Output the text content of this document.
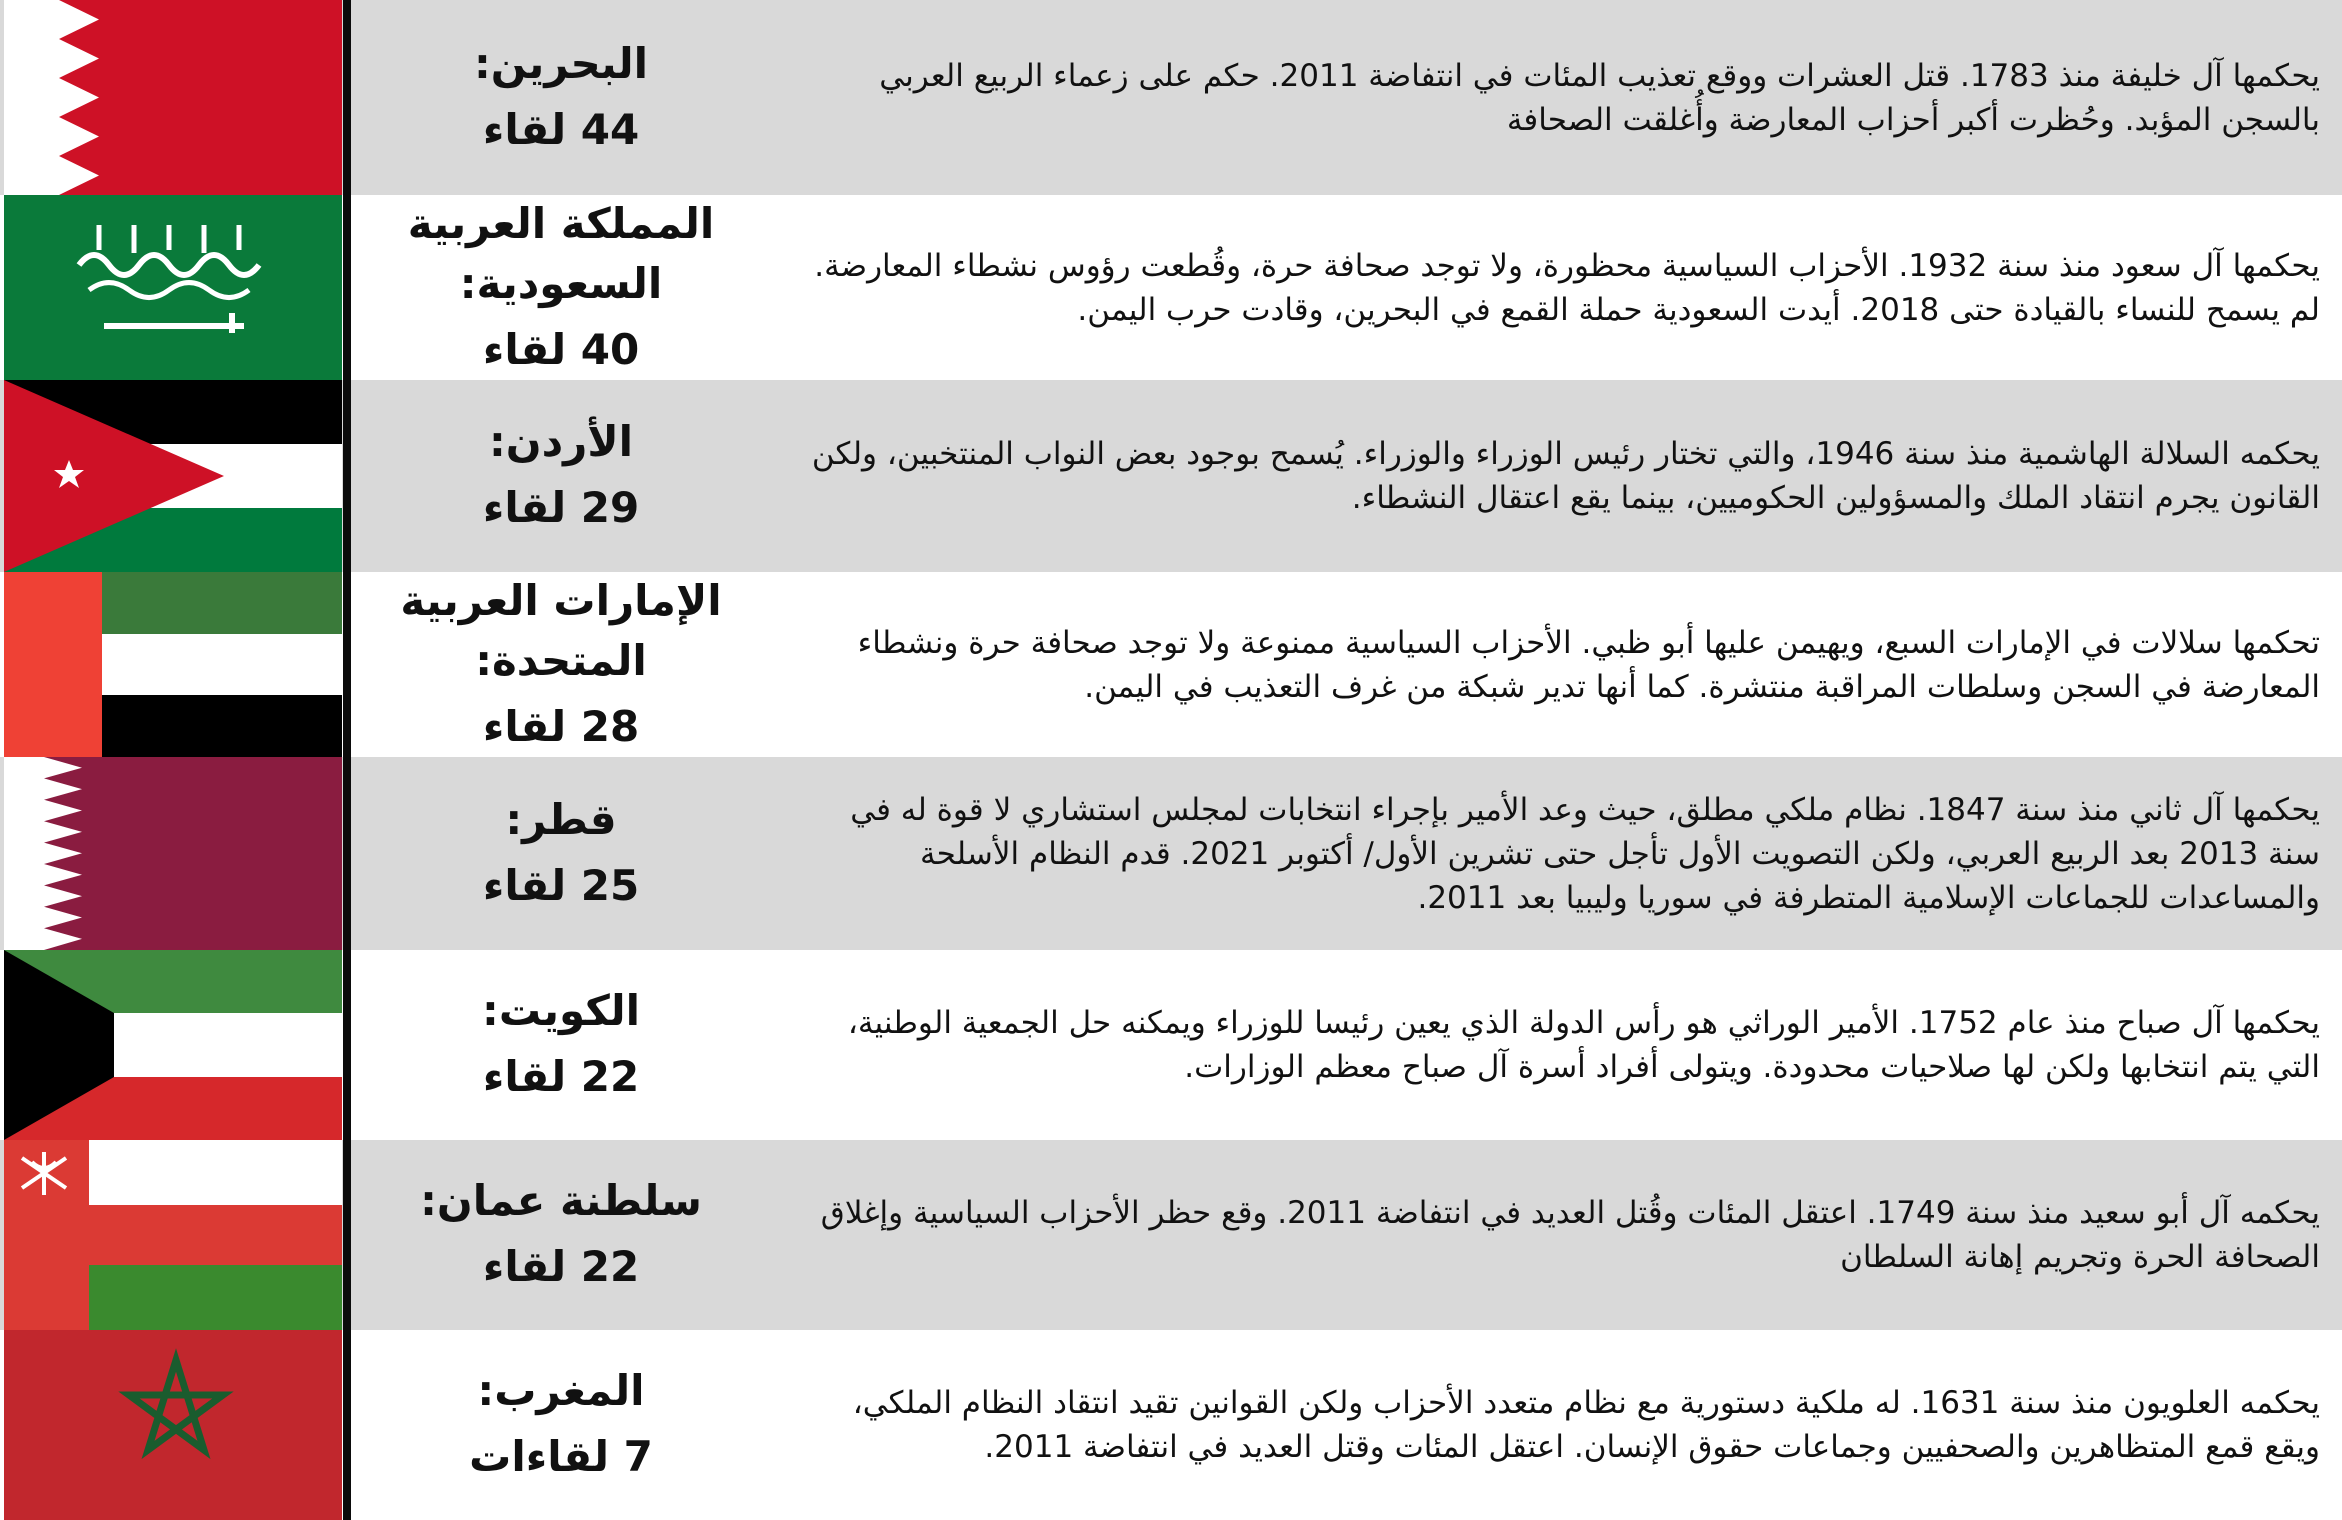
البحرين:
44 لقاء

يحكمها آل خليفة منذ 1783. قتل العشرات ووقع تعذيب المئات في انتفاضة 2011. حكم على زعماء الربيع العربي بالسجن المؤبد. وحُظرت أكبر أحزاب المعارضة وأُغلقت الصحافة

المملكة العربية السعودية:
40 لقاء

يحكمها آل سعود منذ سنة 1932. الأحزاب السياسية محظورة، ولا توجد صحافة حرة، وقُطعت رؤوس نشطاء المعارضة. لم يسمح للنساء بالقيادة حتى 2018. أيدت السعودية حملة القمع في البحرين، وقادت حرب اليمن.

الأردن:
29 لقاء

يحكمه السلالة الهاشمية منذ سنة 1946، والتي تختار رئيس الوزراء والوزراء. يُسمح بوجود بعض النواب المنتخبين، ولكن القانون يجرم انتقاد الملك والمسؤولين الحكوميين، بينما يقع اعتقال النشطاء.

الإمارات العربية المتحدة:
28 لقاء

تحكمها سلالات في الإمارات السبع، ويهيمن عليها أبو ظبي. الأحزاب السياسية ممنوعة ولا توجد صحافة حرة ونشطاء المعارضة في السجن وسلطات المراقبة منتشرة. كما أنها تدير شبكة من غرف التعذيب في اليمن.

قطر:
25 لقاء

يحكمها آل ثاني منذ سنة 1847. نظام ملكي مطلق، حيث وعد الأمير بإجراء انتخابات لمجلس استشاري لا قوة له في سنة 2013 بعد الربيع العربي، ولكن التصويت الأول تأجل حتى تشرين الأول/ أكتوبر 2021. قدم النظام الأسلحة والمساعدات للجماعات الإسلامية المتطرفة في سوريا وليبيا بعد 2011.

الكويت:
22 لقاء

يحكمها آل صباح منذ عام 1752. الأمير الوراثي هو رأس الدولة الذي يعين رئيسا للوزراء ويمكنه حل الجمعية الوطنية، التي يتم انتخابها ولكن لها صلاحيات محدودة. ويتولى أفراد أسرة آل صباح معظم الوزارات.

سلطنة عمان:
22 لقاء

يحكمه آل أبو سعيد منذ سنة 1749. اعتقل المئات وقُتل العديد في انتفاضة 2011. وقع حظر الأحزاب السياسية وإغلاق الصحافة الحرة وتجريم إهانة السلطان

المغرب:
7 لقاءات

يحكمه العلويون منذ سنة 1631. له ملكية دستورية مع نظام متعدد الأحزاب ولكن القوانين تقيد انتقاد النظام الملكي، ويقع قمع المتظاهرين والصحفيين وجماعات حقوق الإنسان. اعتقل المئات وقتل العديد في انتفاضة 2011.
